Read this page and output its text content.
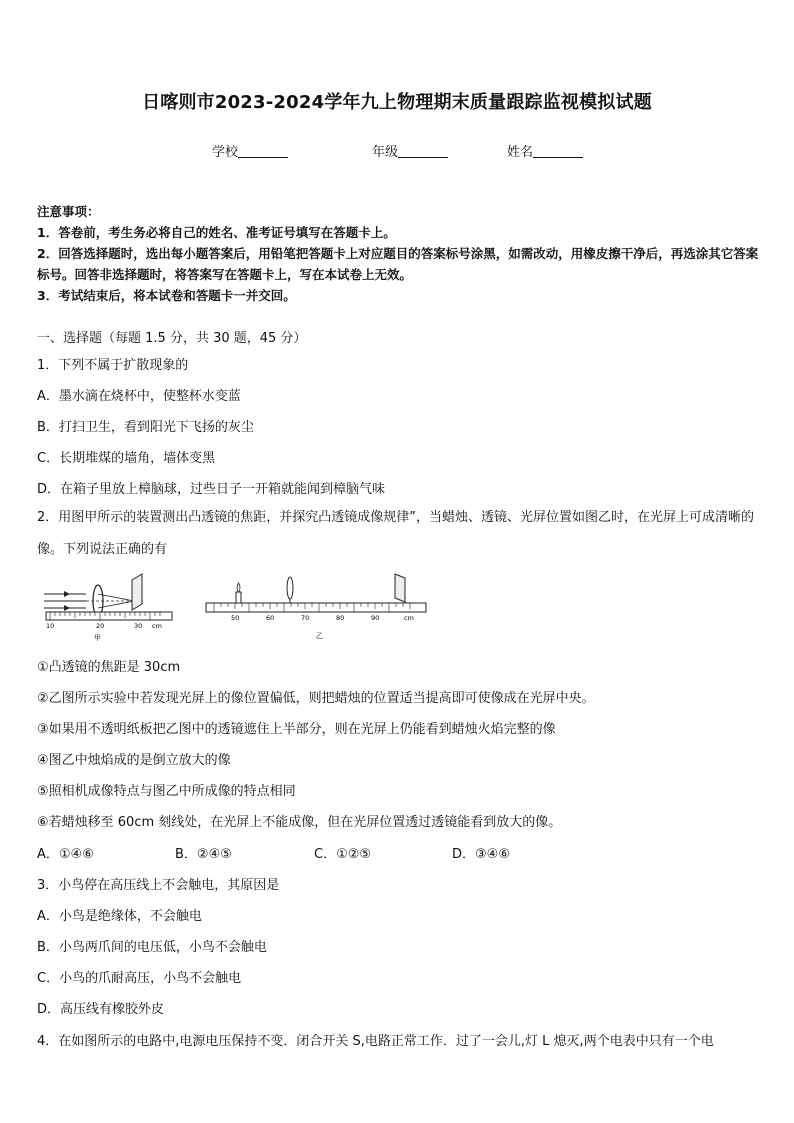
日喀则市2023-2024学年九上物理期末质量跟踪监视模拟试题
学校	年级	姓名
注意事项：
1．答卷前，考生务必将自己的姓名、准考证号填写在答题卡上。
2．回答选择题时，选出每小题答案后，用铅笔把答题卡上对应题目的答案标号涂黑，如需改动，用橡皮擦干净后，再选涂其它答案标号。回答非选择题时，将答案写在答题卡上，写在本试卷上无效。
3．考试结束后，将本试卷和答题卡一并交回。
一、选择题（每题 1.5 分，共 30 题，45 分）
1．下列不属于扩散现象的
A．墨水滴在烧杯中，使整杯水变蓝
B．打扫卫生，看到阳光下飞扬的灰尘
C．长期堆煤的墙角，墙体变黑
D．在箱子里放上樟脑球，过些日子一开箱就能闻到樟脑气味
2．用图甲所示的装置测出凸透镜的焦距，并探究凸透镜成像规律”，当蜡烛、透镜、光屏位置如图乙时，在光屏上可成清晰的像。下列说法正确的有
10	20	30 cm
甲
50	60	70	80	90	cm
乙
①凸透镜的焦距是 30cm
②乙图所示实验中若发现光屏上的像位置偏低，则把蜡烛的位置适当提高即可使像成在光屏中央。
③如果用不透明纸板把乙图中的透镜遮住上半部分，则在光屏上仍能看到蜡烛火焰完整的像
④图乙中烛焰成的是倒立放大的像
⑤照相机成像特点与图乙中所成像的特点相同
⑥若蜡烛移至 60cm 刻线处，在光屏上不能成像，但在光屏位置透过透镜能看到放大的像。
A．①④⑥	B．②④⑤	C．①②⑤	D．③④⑥
3．小鸟停在高压线上不会触电，其原因是
A．小鸟是绝缘体，不会触电
B．小鸟两爪间的电压低，小鸟不会触电
C．小鸟的爪耐高压，小鸟不会触电
D．高压线有橡胶外皮
4．在如图所示的电路中,电源电压保持不变．闭合开关 S,电路正常工作．过了一会儿,灯 L 熄灭,两个电表中只有一个电
